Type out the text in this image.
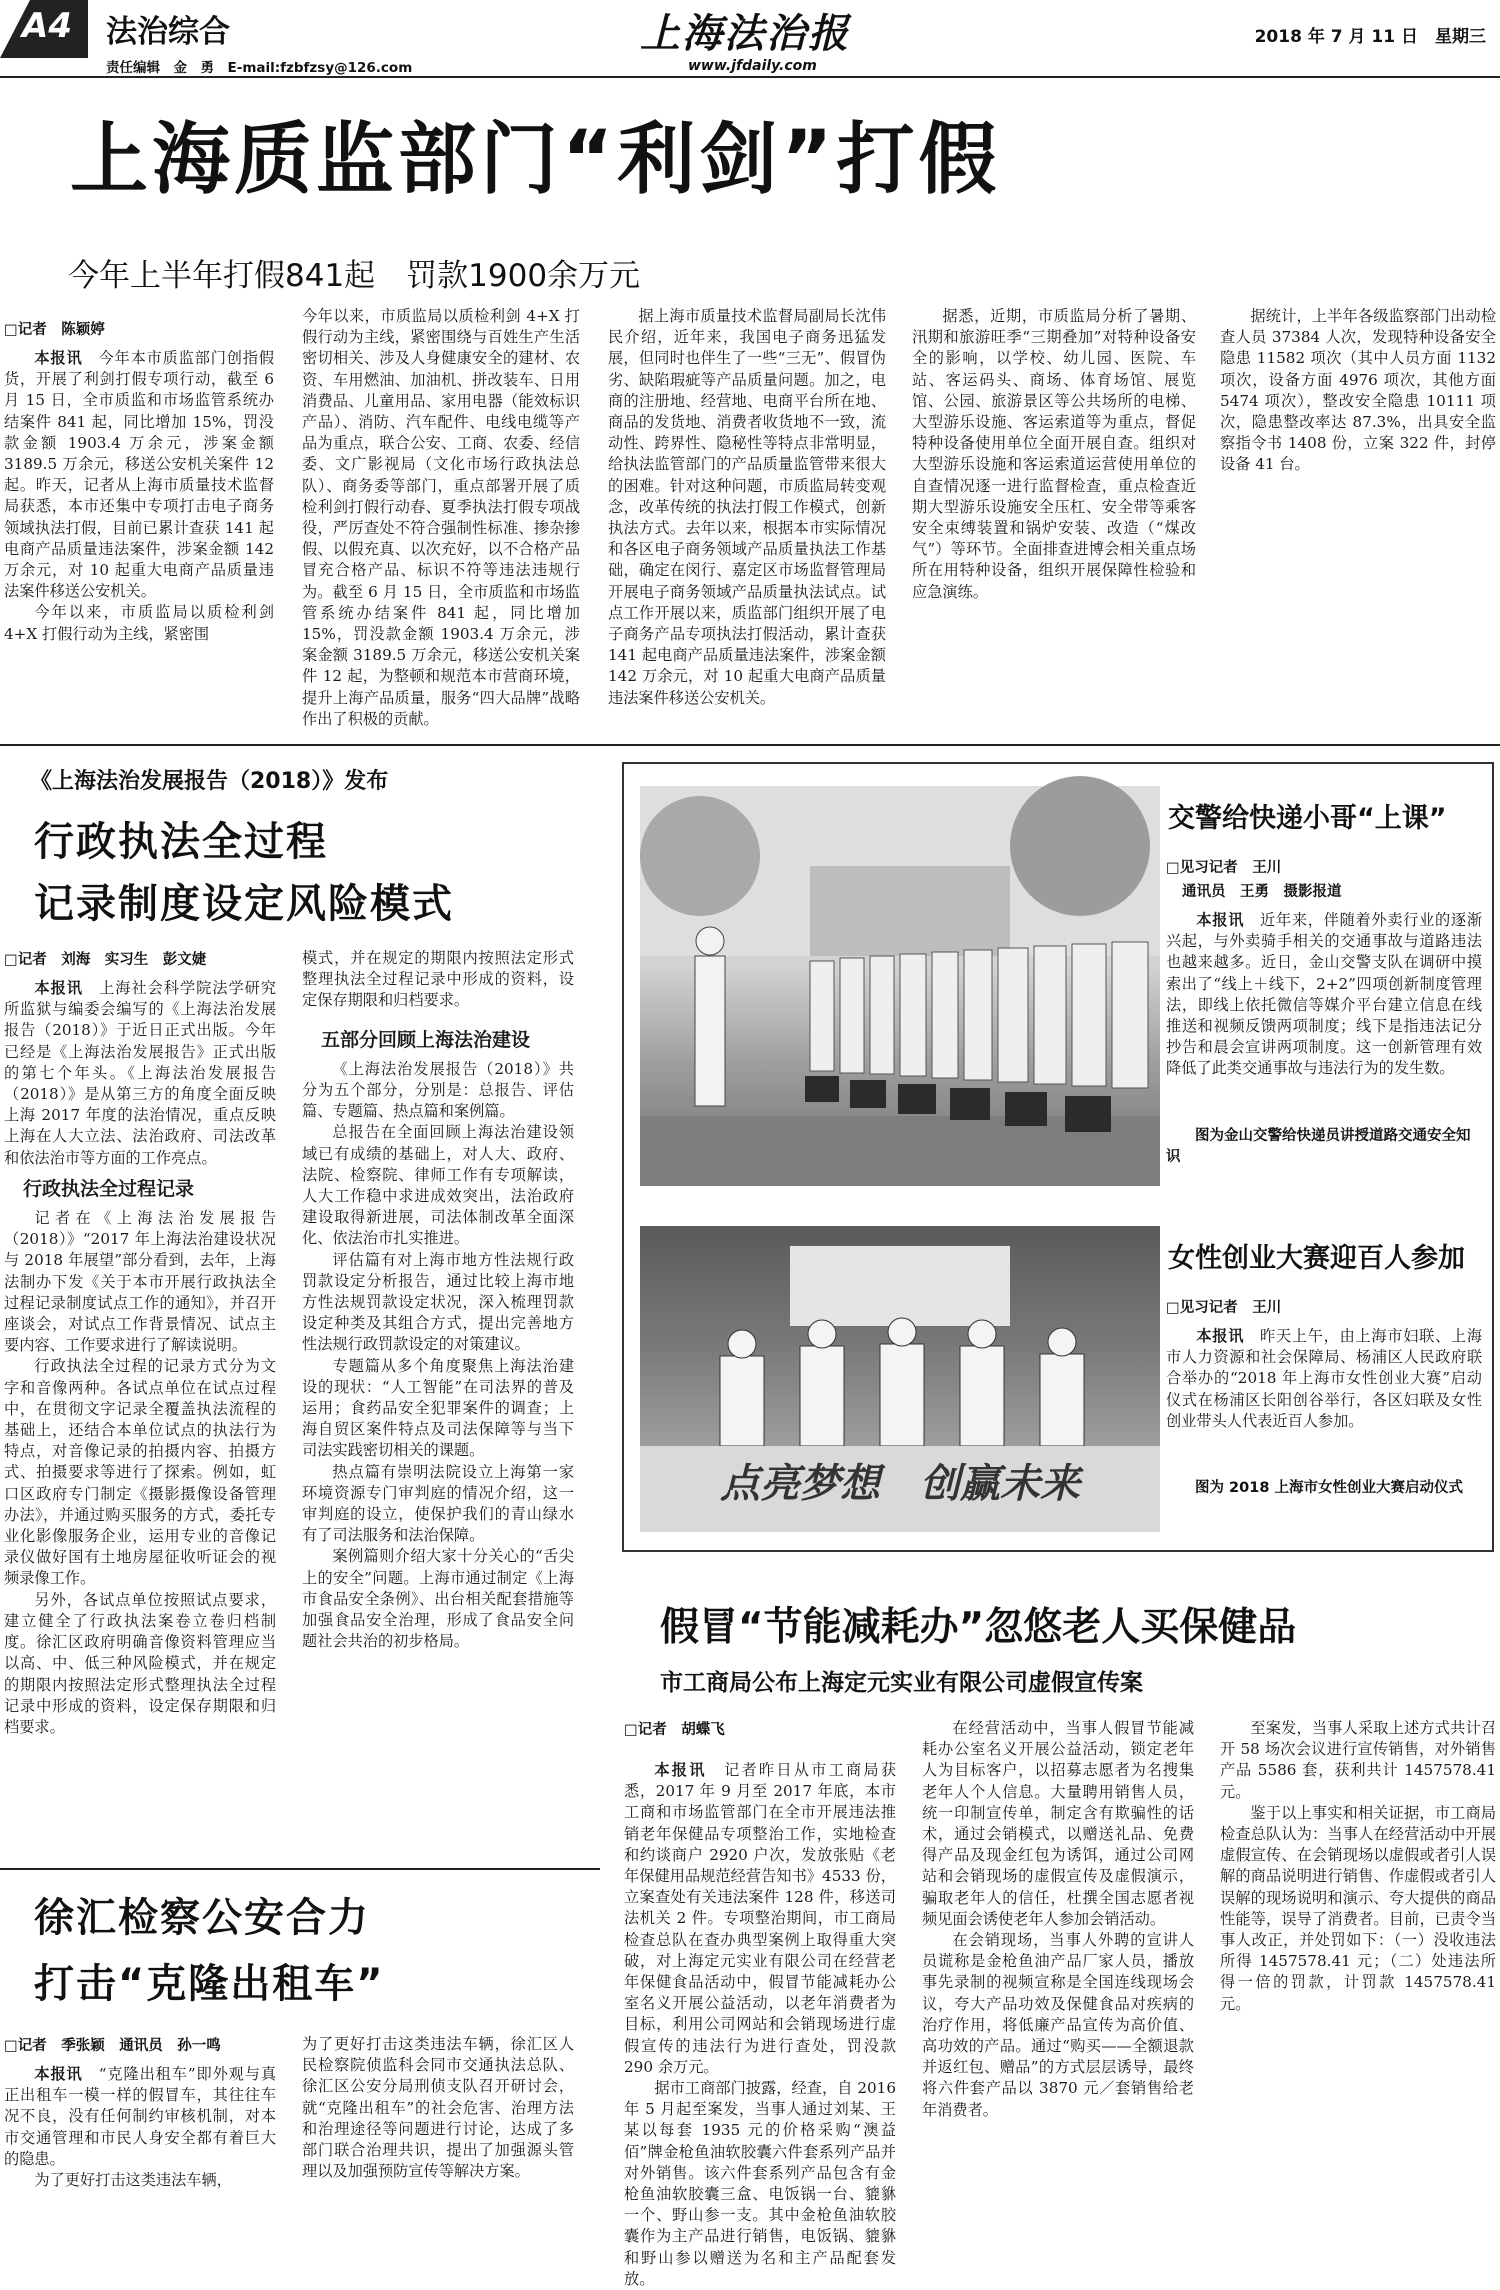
A4 法治综合
责任编辑　金　勇　E-mail:fzbfzsy@126.com
上海法治报
www.jfdaily.com
2018 年 7 月 11 日　星期三
上海质监部门“利剑”打假
今年上半年打假841起　罚款1900余万元
□记者　陈颖婷

本报讯　 今年本市质监部门创指假货，开展了利剑打假专项行动，截至 6 月 15 日，全市质监和市场监管系统办结案件 841 起，同比增加 15%，罚没款金额 1903.4 万余元，涉案金额 3189.5 万余元，移送公安机关案件 12 起。昨天，记者从上海市质量技术监督局获悉，本市还集中专项打击电子商务领域执法打假，目前已累计查获 141 起电商产品质量违法案件，涉案金额 142 万余元，对 10 起重大电商产品质量违法案件移送公安机关。

今年以来，市质监局以质检利剑 4+X 打假行动为主线，紧密围

今年以来，市质监局以质检利剑 4+X 打假行动为主线，紧密围绕与百姓生产生活密切相关、涉及人身健康安全的建材、农资、车用燃油、加油机、拼改装车、日用消费品、儿童用品、家用电器（能效标识产品）、消防、汽车配件、电线电缆等产品为重点，联合公安、工商、农委、经信委、文广影视局（文化市场行政执法总队）、商务委等部门，重点部署开展了质检利剑打假行动春、夏季执法打假专项战役，严厉查处不符合强制性标准、掺杂掺假、以假充真、以次充好，以不合格产品冒充合格产品、标识不符等违法违规行为。截至 6 月 15 日，全市质监和市场监管系统办结案件 841 起，同比增加 15%，罚没款金额 1903.4 万余元，涉案金额 3189.5 万余元，移送公安机关案件 12 起，为整顿和规范本市营商环境，提升上海产品质量，服务“四大品牌”战略作出了积极的贡献。

据上海市质量技术监督局副局长沈伟民介绍，近年来，我国电子商务迅猛发展，但同时也伴生了一些“三无”、假冒伪劣、缺陷瑕疵等产品质量问题。加之，电商的注册地、经营地、电商平台所在地、商品的发货地、消费者收货地不一致，流动性、跨界性、隐秘性等特点非常明显，给执法监管部门的产品质量监管带来很大的困难。针对这种问题，市质监局转变观念，改革传统的执法打假工作模式，创新执法方式。去年以来，根据本市实际情况和各区电子商务领域产品质量执法工作基础，确定在闵行、嘉定区市场监督管理局开展电子商务领域产品质量执法试点。试点工作开展以来，质监部门组织开展了电子商务产品专项执法打假活动，累计查获 141 起电商产品质量违法案件，涉案金额 142 万余元，对 10 起重大电商产品质量违法案件移送公安机关。

据悉，近期，市质监局分析了暑期、汛期和旅游旺季“三期叠加”对特种设备安全的影响，以学校、幼儿园、医院、车站、客运码头、商场、体育场馆、展览馆、公园、旅游景区等公共场所的电梯、大型游乐设施、客运索道等为重点，督促特种设备使用单位全面开展自查。组织对大型游乐设施和客运索道运营使用单位的自查情况逐一进行监督检查，重点检查近期大型游乐设施安全压杠、安全带等乘客安全束缚装置和锅炉安装、改造（“煤改气”）等环节。全面排查进博会相关重点场所在用特种设备，组织开展保障性检验和应急演练。

据统计，上半年各级监察部门出动检查人员 37384 人次，发现特种设备安全隐患 11582 项次（其中人员方面 1132 项次，设备方面 4976 项次，其他方面 5474 项次），整改安全隐患 10111 项次，隐患整改率达 87.3%，出具安全监察指令书 1408 份，立案 322 件，封停设备 41 台。

《上海法治发展报告（2018）》发布
行政执法全过程
记录制度设定风险模式
□记者　刘海　实习生　彭文婕

本报讯　 上海社会科学院法学研究所监狱与编委会编写的《上海法治发展报告（2018）》于近日正式出版。今年已经是《上海法治发展报告》正式出版的第七个年头。《上海法治发展报告（2018）》是从第三方的角度全面反映上海 2017 年度的法治情况，重点反映上海在人大立法、法治政府、司法改革和依法治市等方面的工作亮点。

行政执法全过程记录

记者在《上海法治发展报告（2018）》“2017 年上海法治建设状况与 2018 年展望”部分看到，去年，上海法制办下发《关于本市开展行政执法全过程记录制度试点工作的通知》，并召开座谈会，对试点工作背景情况、试点主要内容、工作要求进行了解读说明。

行政执法全过程的记录方式分为文字和音像两种。各试点单位在试点过程中，在贯彻文字记录全覆盖执法流程的基础上，还结合本单位试点的执法行为特点，对音像记录的拍摄内容、拍摄方式、拍摄要求等进行了探索。例如，虹口区政府专门制定《摄影摄像设备管理办法》，并通过购买服务的方式，委托专业化影像服务企业，运用专业的音像记录仪做好国有土地房屋征收听证会的视频录像工作。

另外，各试点单位按照试点要求，建立健全了行政执法案卷立卷归档制度。徐汇区政府明确音像资料管理应当以高、中、低三种风险模式，并在规定的期限内按照法定形式整理执法全过程记录中形成的资料，设定保存期限和归档要求。

模式，并在规定的期限内按照法定形式整理执法全过程记录中形成的资料，设定保存期限和归档要求。

五部分回顾上海法治建设

《上海法治发展报告（2018）》共分为五个部分，分别是：总报告、评估篇、专题篇、热点篇和案例篇。

总报告在全面回顾上海法治建设领域已有成绩的基础上，对人大、政府、法院、检察院、律师工作有专项解读，人大工作稳中求进成效突出，法治政府建设取得新进展，司法体制改革全面深化、依法治市扎实推进。

评估篇有对上海市地方性法规行政罚款设定分析报告，通过比较上海市地方性法规罚款设定状况，深入梳理罚款设定种类及其组合方式，提出完善地方性法规行政罚款设定的对策建议。

专题篇从多个角度聚焦上海法治建设的现状：“人工智能”在司法界的普及运用；食药品安全犯罪案件的调查；上海自贸区案件特点及司法保障等与当下司法实践密切相关的课题。

热点篇有崇明法院设立上海第一家环境资源专门审判庭的情况介绍，这一审判庭的设立，使保护我们的青山绿水有了司法服务和法治保障。

案例篇则介绍大家十分关心的“舌尖上的安全”问题。上海市通过制定《上海市食品安全条例》、出台相关配套措施等加强食品安全治理，形成了食品安全问题社会共治的初步格局。

交警给快递小哥“上课”
□见习记者　王川
通讯员　王勇　摄影报道

本报讯　 近年来，伴随着外卖行业的逐渐兴起，与外卖骑手相关的交通事故与道路违法也越来越多。近日，金山交警支队在调研中摸索出了“线上＋线下，2+2”四项创新制度管理法，即线上依托微信等媒介平台建立信息在线推送和视频反馈两项制度；线下是指违法记分抄告和晨会宣讲两项制度。这一创新管理有效降低了此类交通事故与违法行为的发生数。

图为金山交警给快递员讲授道路交通安全知识
点亮梦想　创赢未来
女性创业大赛迎百人参加
□见习记者　王川

本报讯　 昨天上午，由上海市妇联、上海市人力资源和社会保障局、杨浦区人民政府联合举办的“2018 年上海市女性创业大赛”启动仪式在杨浦区长阳创谷举行，各区妇联及女性创业带头人代表近百人参加。

图为 2018 上海市女性创业大赛启动仪式
假冒“节能减耗办”忽悠老人买保健品
市工商局公布上海定元实业有限公司虚假宣传案
□记者　胡蝶飞

本报讯　 记者昨日从市工商局获悉，2017 年 9 月至 2017 年底，本市工商和市场监管部门在全市开展违法推销老年保健品专项整治工作，实地检查和约谈商户 2920 户次，发放张贴《老年保健用品规范经营告知书》4533 份，立案查处有关违法案件 128 件，移送司法机关 2 件。专项整治期间，市工商局检查总队在查办典型案例上取得重大突破，对上海定元实业有限公司在经营老年保健食品活动中，假冒节能减耗办公室名义开展公益活动，以老年消费者为目标，利用公司网站和会销现场进行虚假宣传的违法行为进行查处，罚没款 290 余万元。

据市工商部门披露，经查，自 2016 年 5 月起至案发，当事人通过刘某、王某以每套 1935 元的价格采购“澳益佰”牌金枪鱼油软胶囊六件套系列产品并对外销售。该六件套系列产品包含有金枪鱼油软胶囊三盒、电饭锅一台、貔貅一个、野山参一支。其中金枪鱼油软胶囊作为主产品进行销售，电饭锅、貔貅和野山参以赠送为名和主产品配套发放。

在经营活动中，当事人假冒节能减耗办公室名义开展公益活动，锁定老年人为目标客户，以招募志愿者为名搜集老年人个人信息。大量聘用销售人员，统一印制宣传单，制定含有欺骗性的话术，通过会销模式，以赠送礼品、免费得产品及现金红包为诱饵，通过公司网站和会销现场的虚假宣传及虚假演示，骗取老年人的信任，杜撰全国志愿者视频见面会诱使老年人参加会销活动。

在会销现场，当事人外聘的宣讲人员谎称是金枪鱼油产品厂家人员，播放事先录制的视频宣称是全国连线现场会议，夸大产品功效及保健食品对疾病的治疗作用，将低廉产品宣传为高价值、高功效的产品。通过“购买——全额退款并返红包、赠品”的方式层层诱导，最终将六件套产品以 3870 元／套销售给老年消费者。

至案发，当事人采取上述方式共计召开 58 场次会议进行宣传销售，对外销售产品 5586 套，获利共计 1457578.41 元。

鉴于以上事实和相关证据，市工商局检查总队认为：当事人在经营活动中开展虚假宣传、在会销现场以虚假或者引人误解的商品说明进行销售、作虚假或者引人误解的现场说明和演示、夸大提供的商品性能等，误导了消费者。目前，已责令当事人改正，并处罚如下：（一）没收违法所得 1457578.41 元；（二）处违法所得一倍的罚款，计罚款 1457578.41 元。

徐汇检察公安合力
打击“克隆出租车”
□记者　季张颖　通讯员　孙一鸣

本报讯　 “克隆出租车”即外观与真正出租车一模一样的假冒车，其往往车况不良，没有任何制约审核机制，对本市交通管理和市民人身安全都有着巨大的隐患。

为了更好打击这类违法车辆，

为了更好打击这类违法车辆，徐汇区人民检察院侦监科会同市交通执法总队、徐汇区公安分局刑侦支队召开研讨会，就“克隆出租车”的社会危害、治理方法和治理途径等问题进行讨论，达成了多部门联合治理共识，提出了加强源头管理以及加强预防宣传等解决方案。
